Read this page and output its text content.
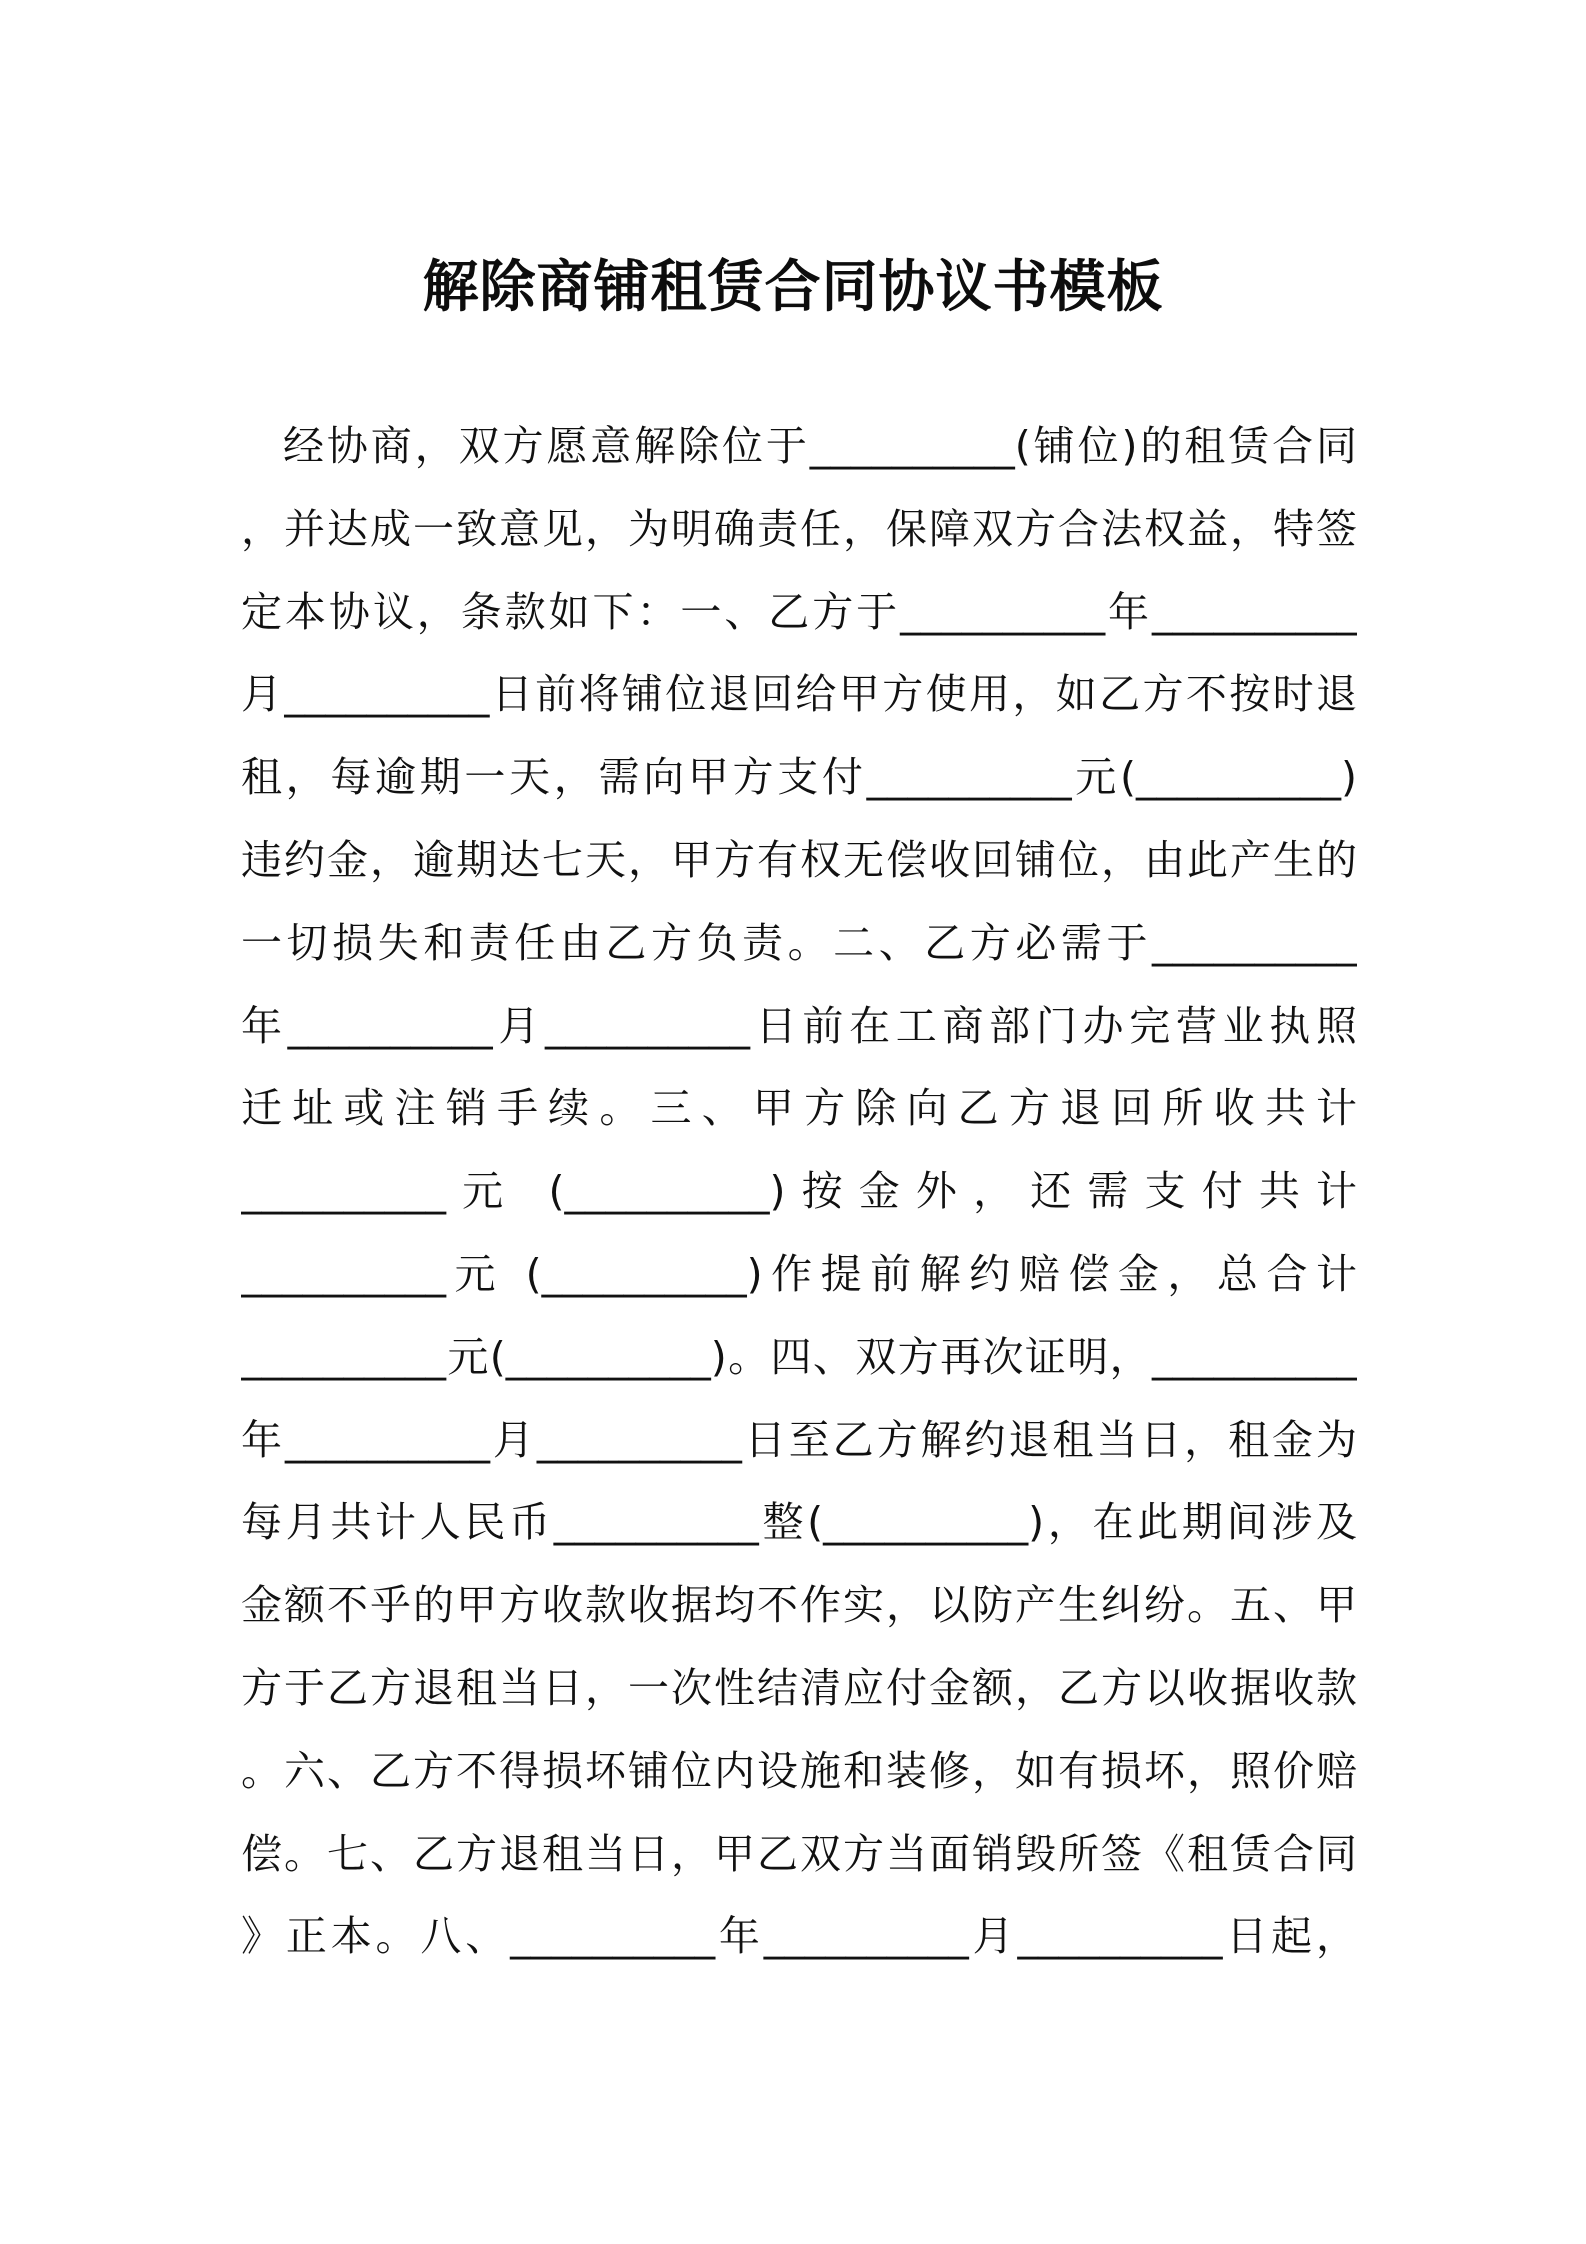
解除商铺租赁合同协议书模板
经协商，双方愿意解除位于__________(铺位)的租赁合同
，并达成一致意见，为明确责任，保障双方合法权益，特签
定本协议，条款如下：一、乙方于__________年__________
月__________日前将铺位退回给甲方使用，如乙方不按时退
租，每逾期一天，需向甲方支付__________元(__________)
违约金，逾期达七天，甲方有权无偿收回铺位，由此产生的
一切损失和责任由乙方负责。二、乙方必需于__________
年__________月__________日前在工商部门办完营业执照
迁址或注销手续。三、甲方除向乙方退回所收共计
__________元 (__________)按金外，还需支付共计
__________元 (__________)作提前解约赔偿金，总合计
__________元(__________)。四、双方再次证明，__________
年__________月__________日至乙方解约退租当日，租金为
每月共计人民币__________整(__________)，在此期间涉及
金额不乎的甲方收款收据均不作实，以防产生纠纷。五、甲
方于乙方退租当日，一次性结清应付金额，乙方以收据收款
。六、乙方不得损坏铺位内设施和装修，如有损坏，照价赔
偿。七、乙方退租当日，甲乙双方当面销毁所签《租赁合同
》正本。八、__________年__________月__________日起，
